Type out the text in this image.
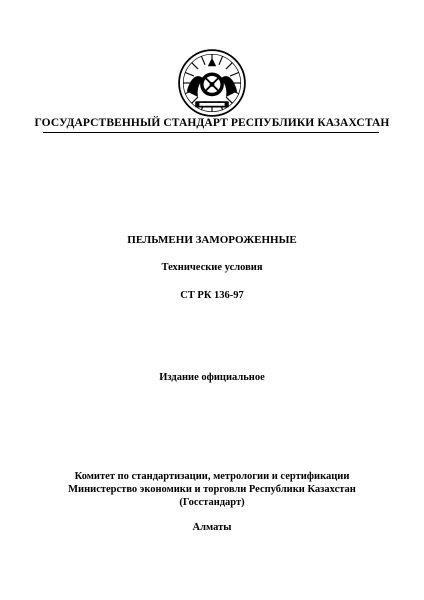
ГОСУДАРСТВЕННЫЙ СТАНДАРТ РЕСПУБЛИКИ КАЗАХСТАН
ПЕЛЬМЕНИ ЗАМОРОЖЕННЫЕ
Технические условия
СТ РК 136-97
Издание официальное
Комитет по стандартизации, метрологии и сертификации
Министерство экономики и торговли Республики Казахстан
(Госстандарт)
Алматы
